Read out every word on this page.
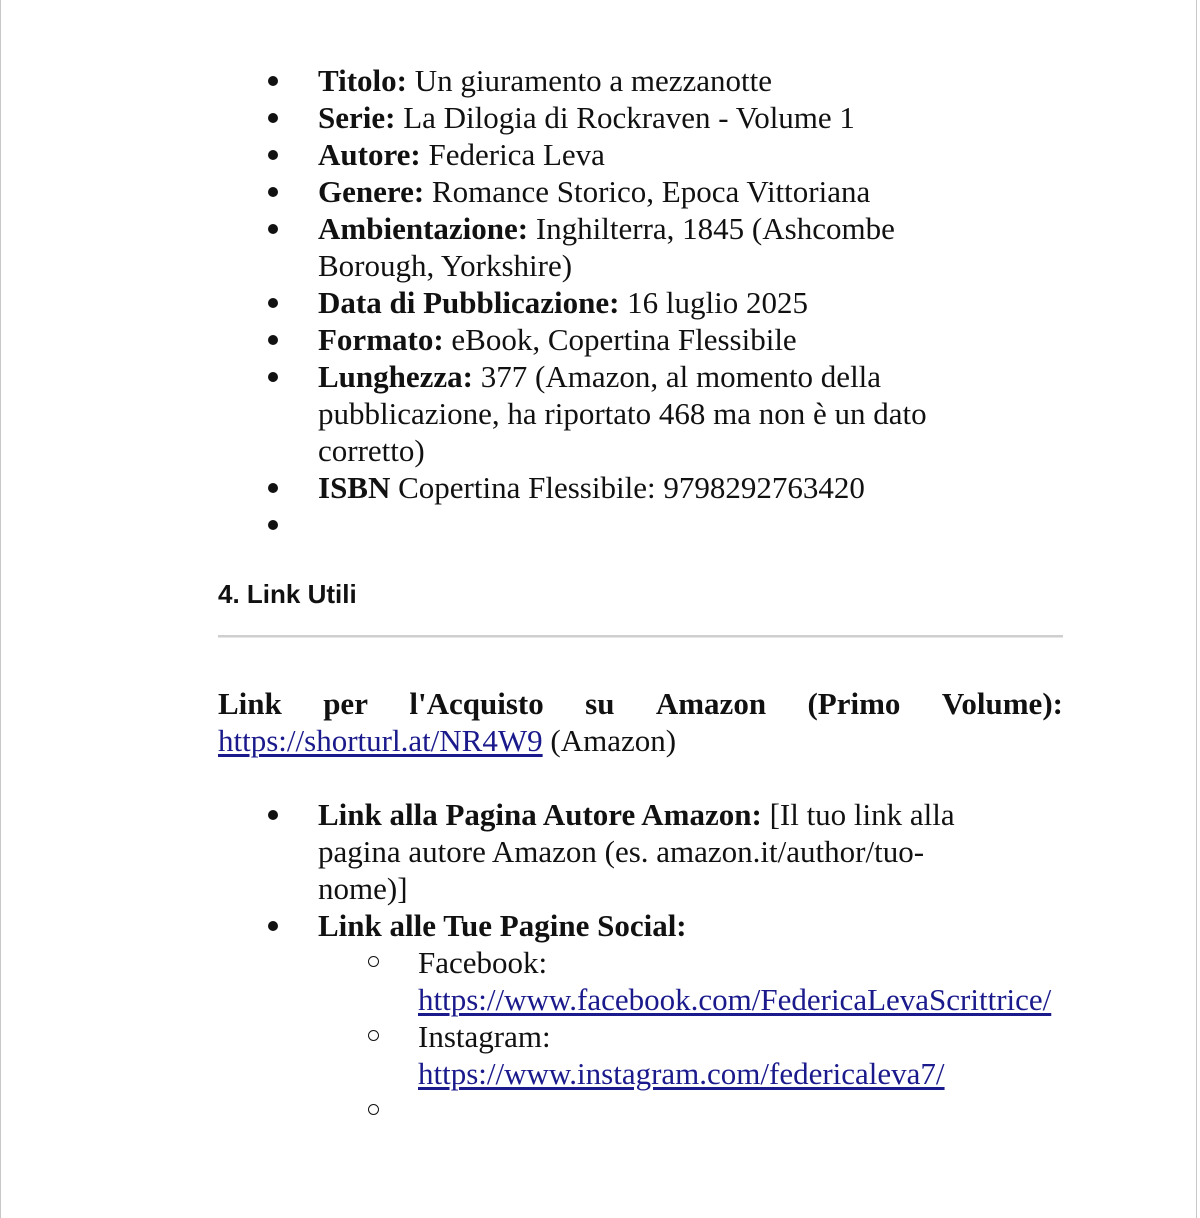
Titolo: Un giuramento a mezzanotte
Serie: La Dilogia di Rockraven - Volume 1
Autore: Federica Leva
Genere: Romance Storico, Epoca Vittoriana
Ambientazione: Inghilterra, 1845 (Ashcombe Borough, Yorkshire)
Data di Pubblicazione: 16 luglio 2025
Formato: eBook, Copertina Flessibile
Lunghezza: 377 (Amazon, al momento della pubblicazione, ha riportato 468 ma non è un dato corretto)
ISBN Copertina Flessibile: 9798292763420
4. Link Utili
Link per l'Acquisto su Amazon (Primo Volume):
https://shorturl.at/NR4W9 (Amazon)
Link alla Pagina Autore Amazon: [Il tuo link alla pagina autore Amazon (es. amazon.it/author/tuo-nome)]
Link alle Tue Pagine Social:
Facebook:
https://www.facebook.com/FedericaLevaScrittrice/
Instagram:
https://www.instagram.com/federicaleva7/
